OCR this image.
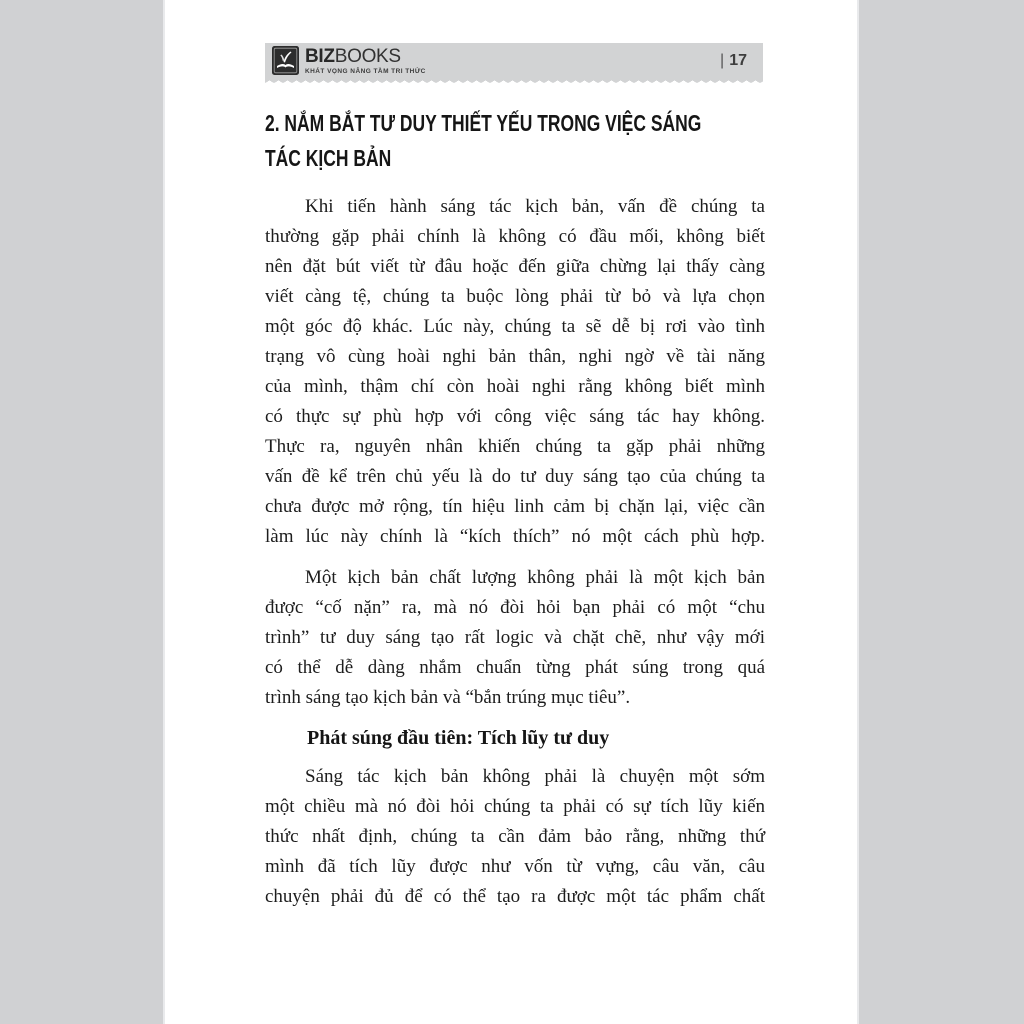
BIZBOOKS
KHÁT VỌNG NÂNG TẦM TRI THỨC
| 17
2. NẮM BẮT TƯ DUY THIẾT YẾU TRONG VIỆC SÁNG
TÁC KỊCH BẢN
Khi tiến hành sáng tác kịch bản, vấn đề chúng ta
thường gặp phải chính là không có đầu mối, không biết
nên đặt bút viết từ đâu hoặc đến giữa chừng lại thấy càng
viết càng tệ, chúng ta buộc lòng phải từ bỏ và lựa chọn
một góc độ khác. Lúc này, chúng ta sẽ dễ bị rơi vào tình
trạng vô cùng hoài nghi bản thân, nghi ngờ về tài năng
của mình, thậm chí còn hoài nghi rằng không biết mình
có thực sự phù hợp với công việc sáng tác hay không.
Thực ra, nguyên nhân khiến chúng ta gặp phải những
vấn đề kể trên chủ yếu là do tư duy sáng tạo của chúng ta
chưa được mở rộng, tín hiệu linh cảm bị chặn lại, việc cần
làm lúc này chính là “kích thích” nó một cách phù hợp.
Một kịch bản chất lượng không phải là một kịch bản
được “cố nặn” ra, mà nó đòi hỏi bạn phải có một “chu
trình” tư duy sáng tạo rất logic và chặt chẽ, như vậy mới
có thể dễ dàng nhắm chuẩn từng phát súng trong quá
trình sáng tạo kịch bản và “bắn trúng mục tiêu”.
Phát súng đầu tiên: Tích lũy tư duy
Sáng tác kịch bản không phải là chuyện một sớm
một chiều mà nó đòi hỏi chúng ta phải có sự tích lũy kiến
thức nhất định, chúng ta cần đảm bảo rằng, những thứ
mình đã tích lũy được như vốn từ vựng, câu văn, câu
chuyện phải đủ để có thể tạo ra được một tác phẩm chất
